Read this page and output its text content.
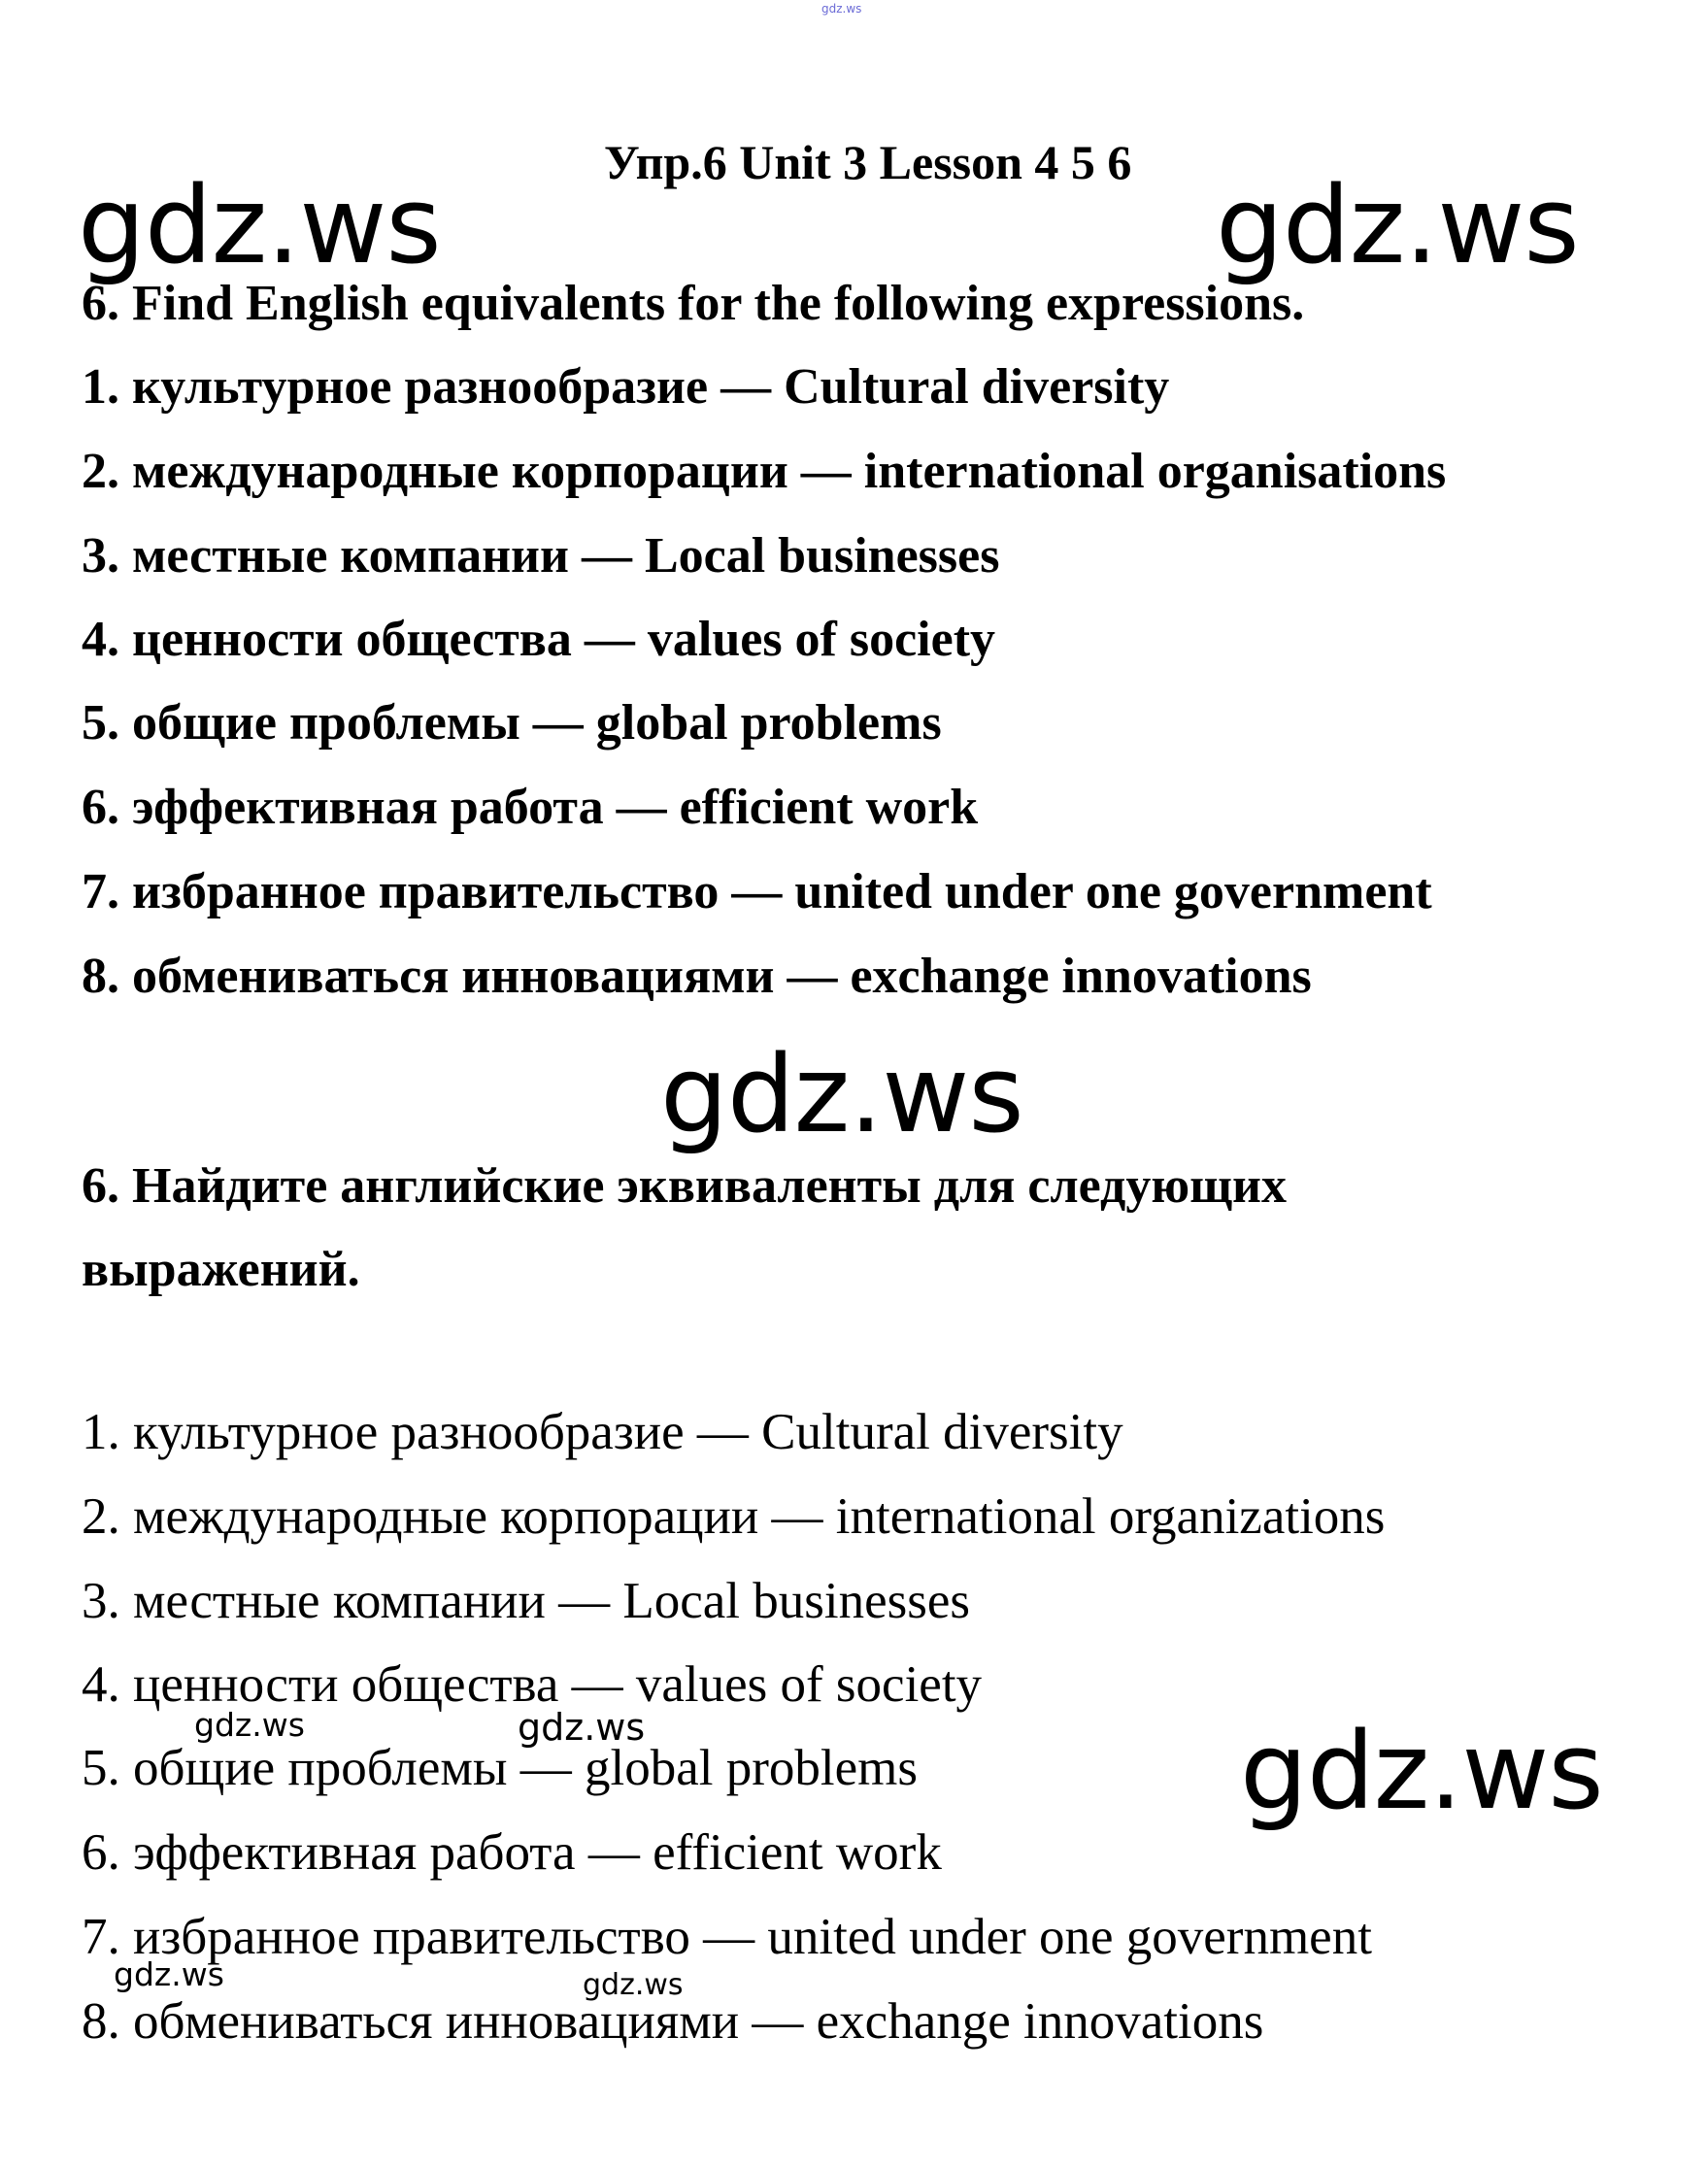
gdz.ws
Упр.6 Unit 3 Lesson 4 5 6
gdz.ws	gdz.ws
6. Find English equivalents for the following expressions.
1. культурное разнообразие — Cultural diversity
2. международные корпорации — international organisations
3. местные компании — Local businesses
4. ценности общества — values of society
5. общие проблемы — global problems
6. эффективная работа — efficient work
7. избранное правительство — united under one government
8. обмениваться инновациями — exchange innovations
gdz.ws
6. Найдите английские эквиваленты для следующих
выражений.
1. культурное разнообразие — Cultural diversity
2. международные корпорации — international organizations
3. местные компании — Local businesses
4. ценности общества — values of society
5. общие проблемы — global problems
6. эффективная работа — efficient work
7. избранное правительство — united under one government
8. обмениваться инновациями — exchange innovations
gdz.ws	gdz.ws
gdz.ws	gdz.ws
gdz.ws
